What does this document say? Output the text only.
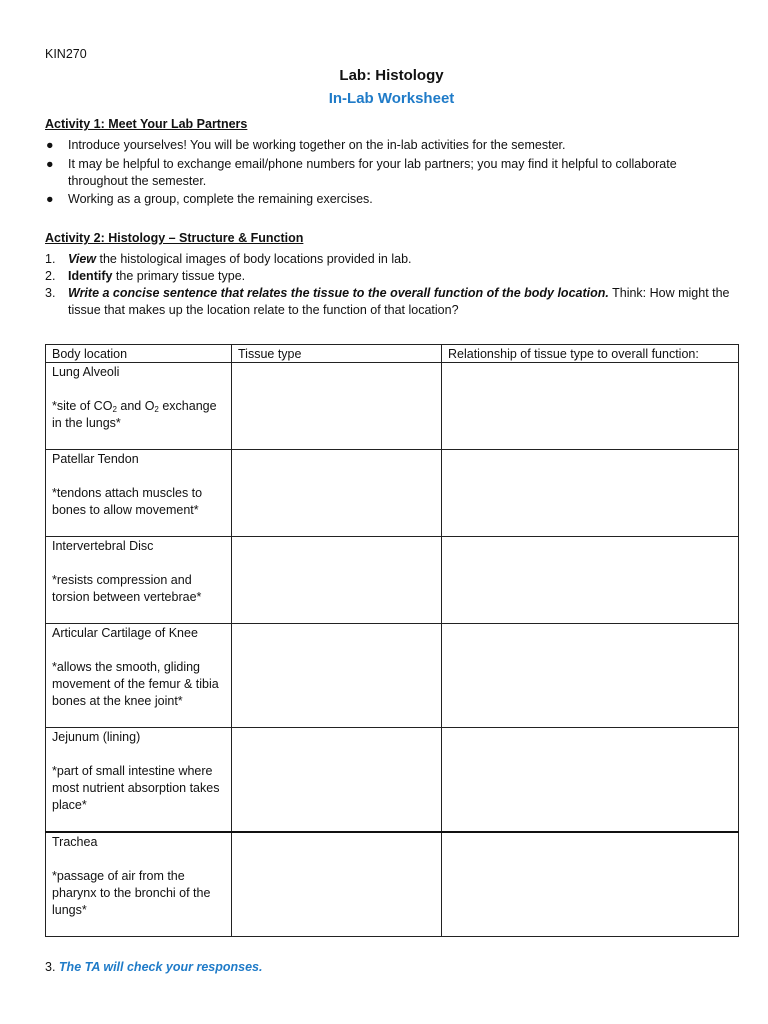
KIN270

Lab: Histology

In-Lab Worksheet

Activity 1: Meet Your Lab Partners

● Introduce yourselves! You will be working together on the in-lab activities for the semester.
● It may be helpful to exchange email/phone numbers for your lab partners; you may find it helpful to collaborate throughout the semester.
● Working as a group, complete the remaining exercises.

Activity 2: Histology – Structure & Function

1. View the histological images of body locations provided in lab.
2. Identify the primary tissue type.
3. Write a concise sentence that relates the tissue to the overall function of the body location. Think: How might the tissue that makes up the location relate to the function of that location?
Body location	Tissue type	Relationship of tissue type to overall function:

Lung Alveoli
*site of $CO_2$ and $O_2$ exchange in the lungs*		

Patellar Tendon
*tendons attach muscles to bones to allow movement*		

Intervertebral Disc
*resists compression and torsion between vertebrae*		

Articular Cartilage of Knee
*allows the smooth, gliding movement of the femur & tibia bones at the knee joint*		

Jejunum (lining)
*part of small intestine where most nutrient absorption takes place*		

Trachea
*passage of air from the pharynx to the bronchi of the lungs*		

3. The TA will check your responses.
